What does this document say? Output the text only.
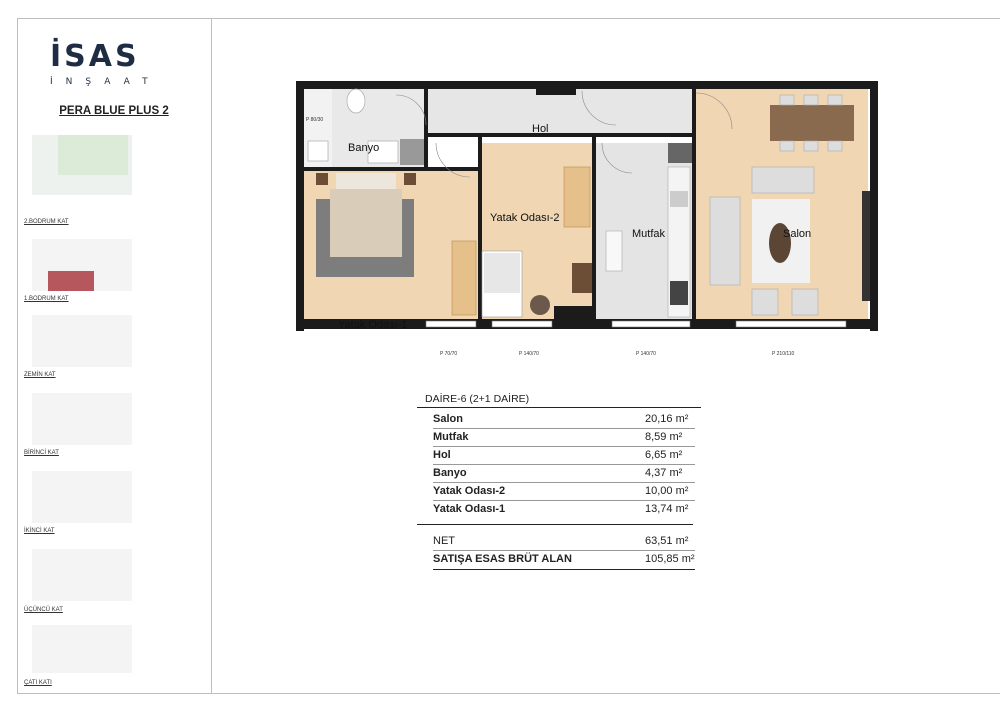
İSAS
İNŞAAT
PERA BLUE PLUS 2
2.BODRUM KAT
1.BODRUM KAT
ZEMİN KAT
BİRİNCİ KAT
İKİNCİ KAT
ÜÇÜNCÜ KAT
ÇATI KATI
Banyo
Hol
Yatak Odası-1
Yatak Odası-2
Mutfak	Salon
P 70/70	P 140/70	P 140/70	P 210/110
P 80/30
DAİRE-6 (2+1 DAİRE)
Salon	20,16 m²
Mutfak	8,59 m²
Hol	6,65 m²
Banyo	4,37 m²
Yatak Odası-2	10,00 m²
Yatak Odası-1	13,74 m²
NET	63,51 m²
SATIŞA ESAS BRÜT ALAN	105,85 m²
